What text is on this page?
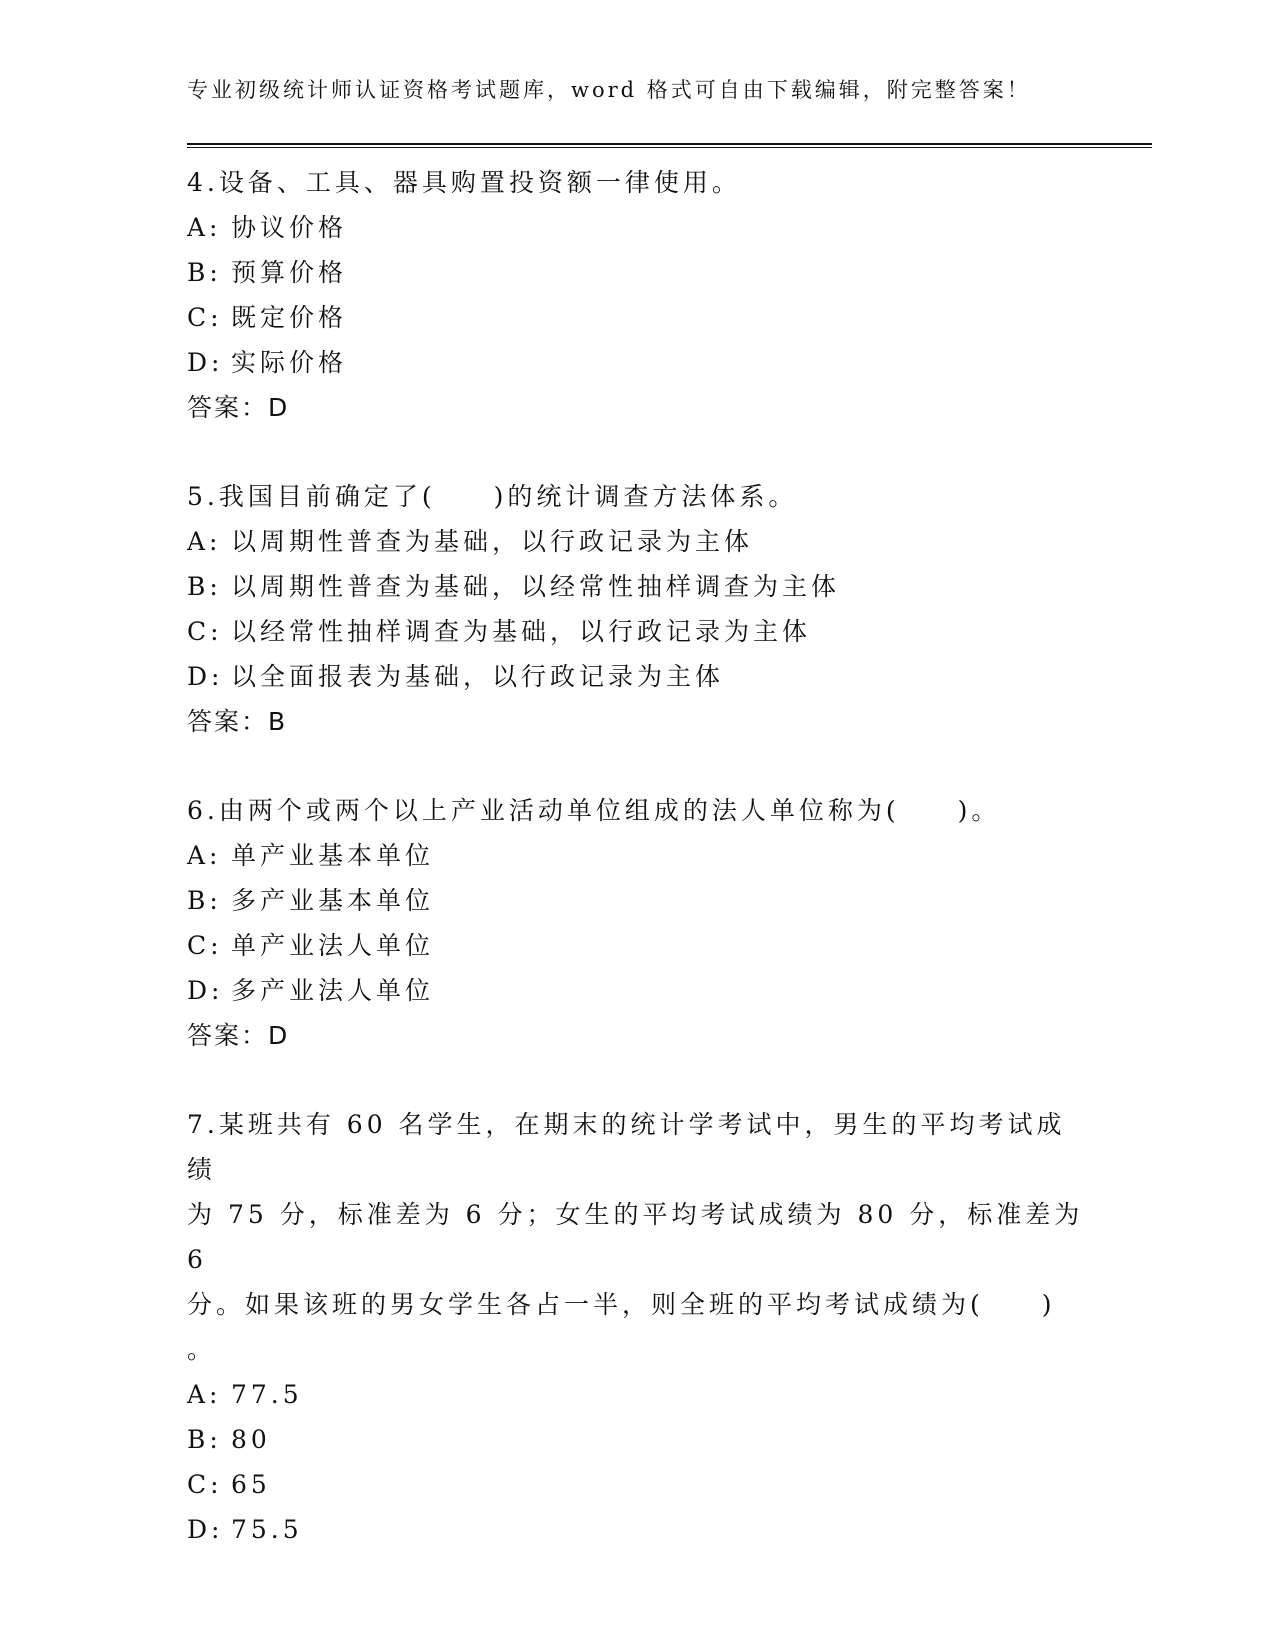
专业初级统计师认证资格考试题库，word 格式可自由下载编辑，附完整答案！

4.设备、工具、器具购置投资额一律使用。

A: 协议价格

B: 预算价格

C: 既定价格

D: 实际价格

答案：D

5.我国目前确定了(　　)的统计调查方法体系。

A: 以周期性普查为基础，以行政记录为主体

B: 以周期性普查为基础，以经常性抽样调查为主体

C: 以经常性抽样调查为基础，以行政记录为主体

D: 以全面报表为基础，以行政记录为主体

答案：B

6.由两个或两个以上产业活动单位组成的法人单位称为(　　)。

A: 单产业基本单位

B: 多产业基本单位

C: 单产业法人单位

D: 多产业法人单位

答案：D

7.某班共有 60 名学生，在期末的统计学考试中，男生的平均考试成绩

为 75 分，标准差为 6 分；女生的平均考试成绩为 80 分，标准差为 6

分。如果该班的男女学生各占一半，则全班的平均考试成绩为(　　)

。

A: 77.5

B: 80

C: 65

D: 75.5
